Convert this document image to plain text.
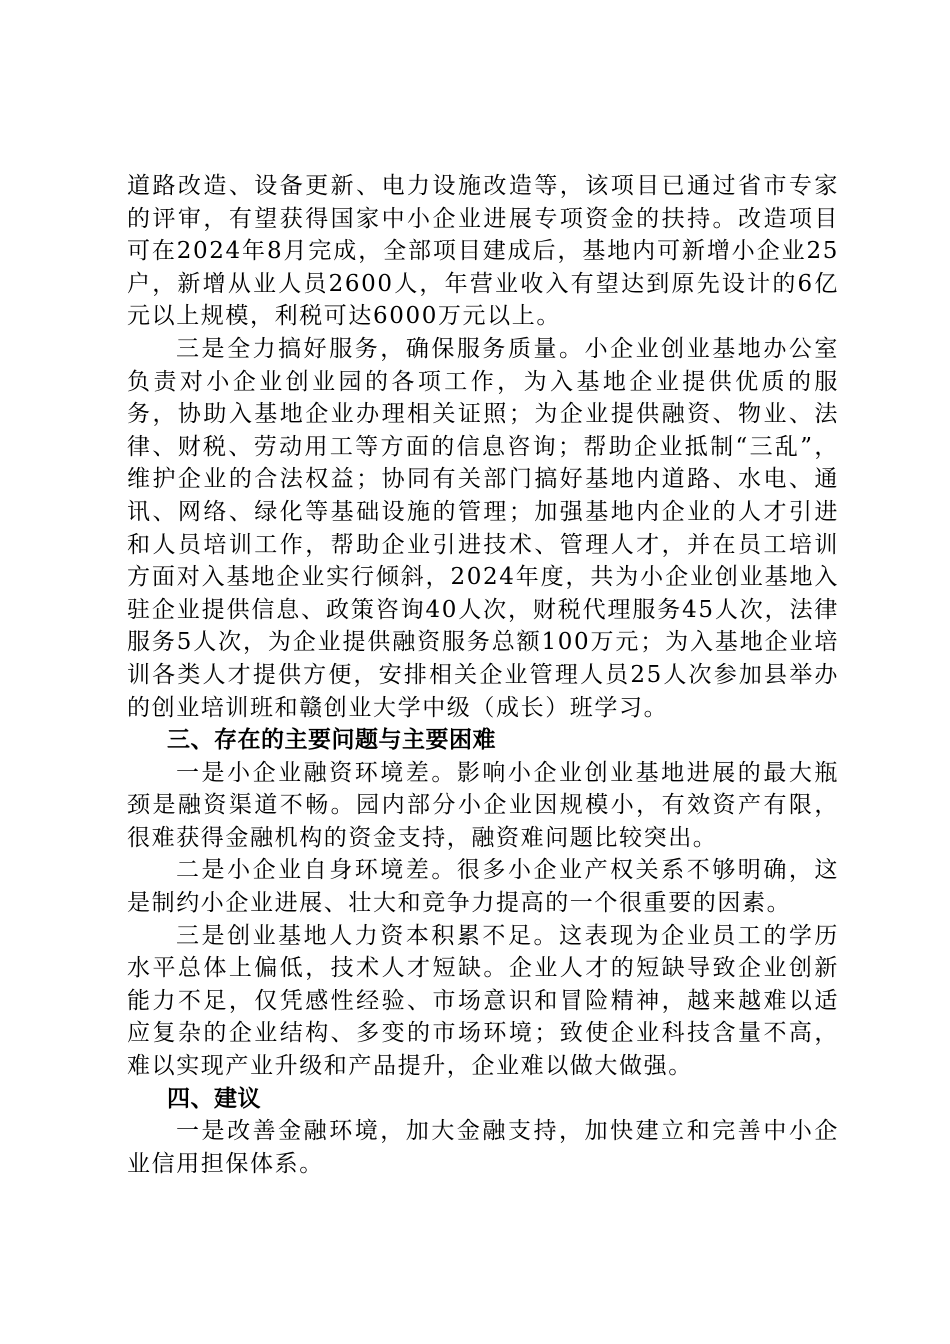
道路改造、设备更新、电力设施改造等，该项目已通过省市专家的评审，有望获得国家中小企业进展专项资金的扶持。改造项目可在2024年8月完成，全部项目建成后，基地内可新增小企业25户，新增从业人员2600人，年营业收入有望达到原先设计的6亿元以上规模，利税可达6000万元以上。

三是全力搞好服务，确保服务质量。小企业创业基地办公室负责对小企业创业园的各项工作，为入基地企业提供优质的服务，协助入基地企业办理相关证照；为企业提供融资、物业、法律、财税、劳动用工等方面的信息咨询；帮助企业抵制“三乱”，维护企业的合法权益；协同有关部门搞好基地内道路、水电、通讯、网络、绿化等基础设施的管理；加强基地内企业的人才引进和人员培训工作，帮助企业引进技术、管理人才，并在员工培训方面对入基地企业实行倾斜，2024年度，共为小企业创业基地入驻企业提供信息、政策咨询40人次，财税代理服务45人次，法律服务5人次，为企业提供融资服务总额100万元；为入基地企业培训各类人才提供方便，安排相关企业管理人员25人次参加县举办的创业培训班和赣创业大学中级（成长）班学习。

三、存在的主要问题与主要困难

一是小企业融资环境差。影响小企业创业基地进展的最大瓶颈是融资渠道不畅。园内部分小企业因规模小，有效资产有限，很难获得金融机构的资金支持，融资难问题比较突出。

二是小企业自身环境差。很多小企业产权关系不够明确，这是制约小企业进展、壮大和竞争力提高的一个很重要的因素。

三是创业基地人力资本积累不足。这表现为企业员工的学历水平总体上偏低，技术人才短缺。企业人才的短缺导致企业创新能力不足，仅凭感性经验、市场意识和冒险精神，越来越难以适应复杂的企业结构、多变的市场环境；致使企业科技含量不高，难以实现产业升级和产品提升，企业难以做大做强。

四、建议

一是改善金融环境，加大金融支持，加快建立和完善中小企业信用担保体系。
